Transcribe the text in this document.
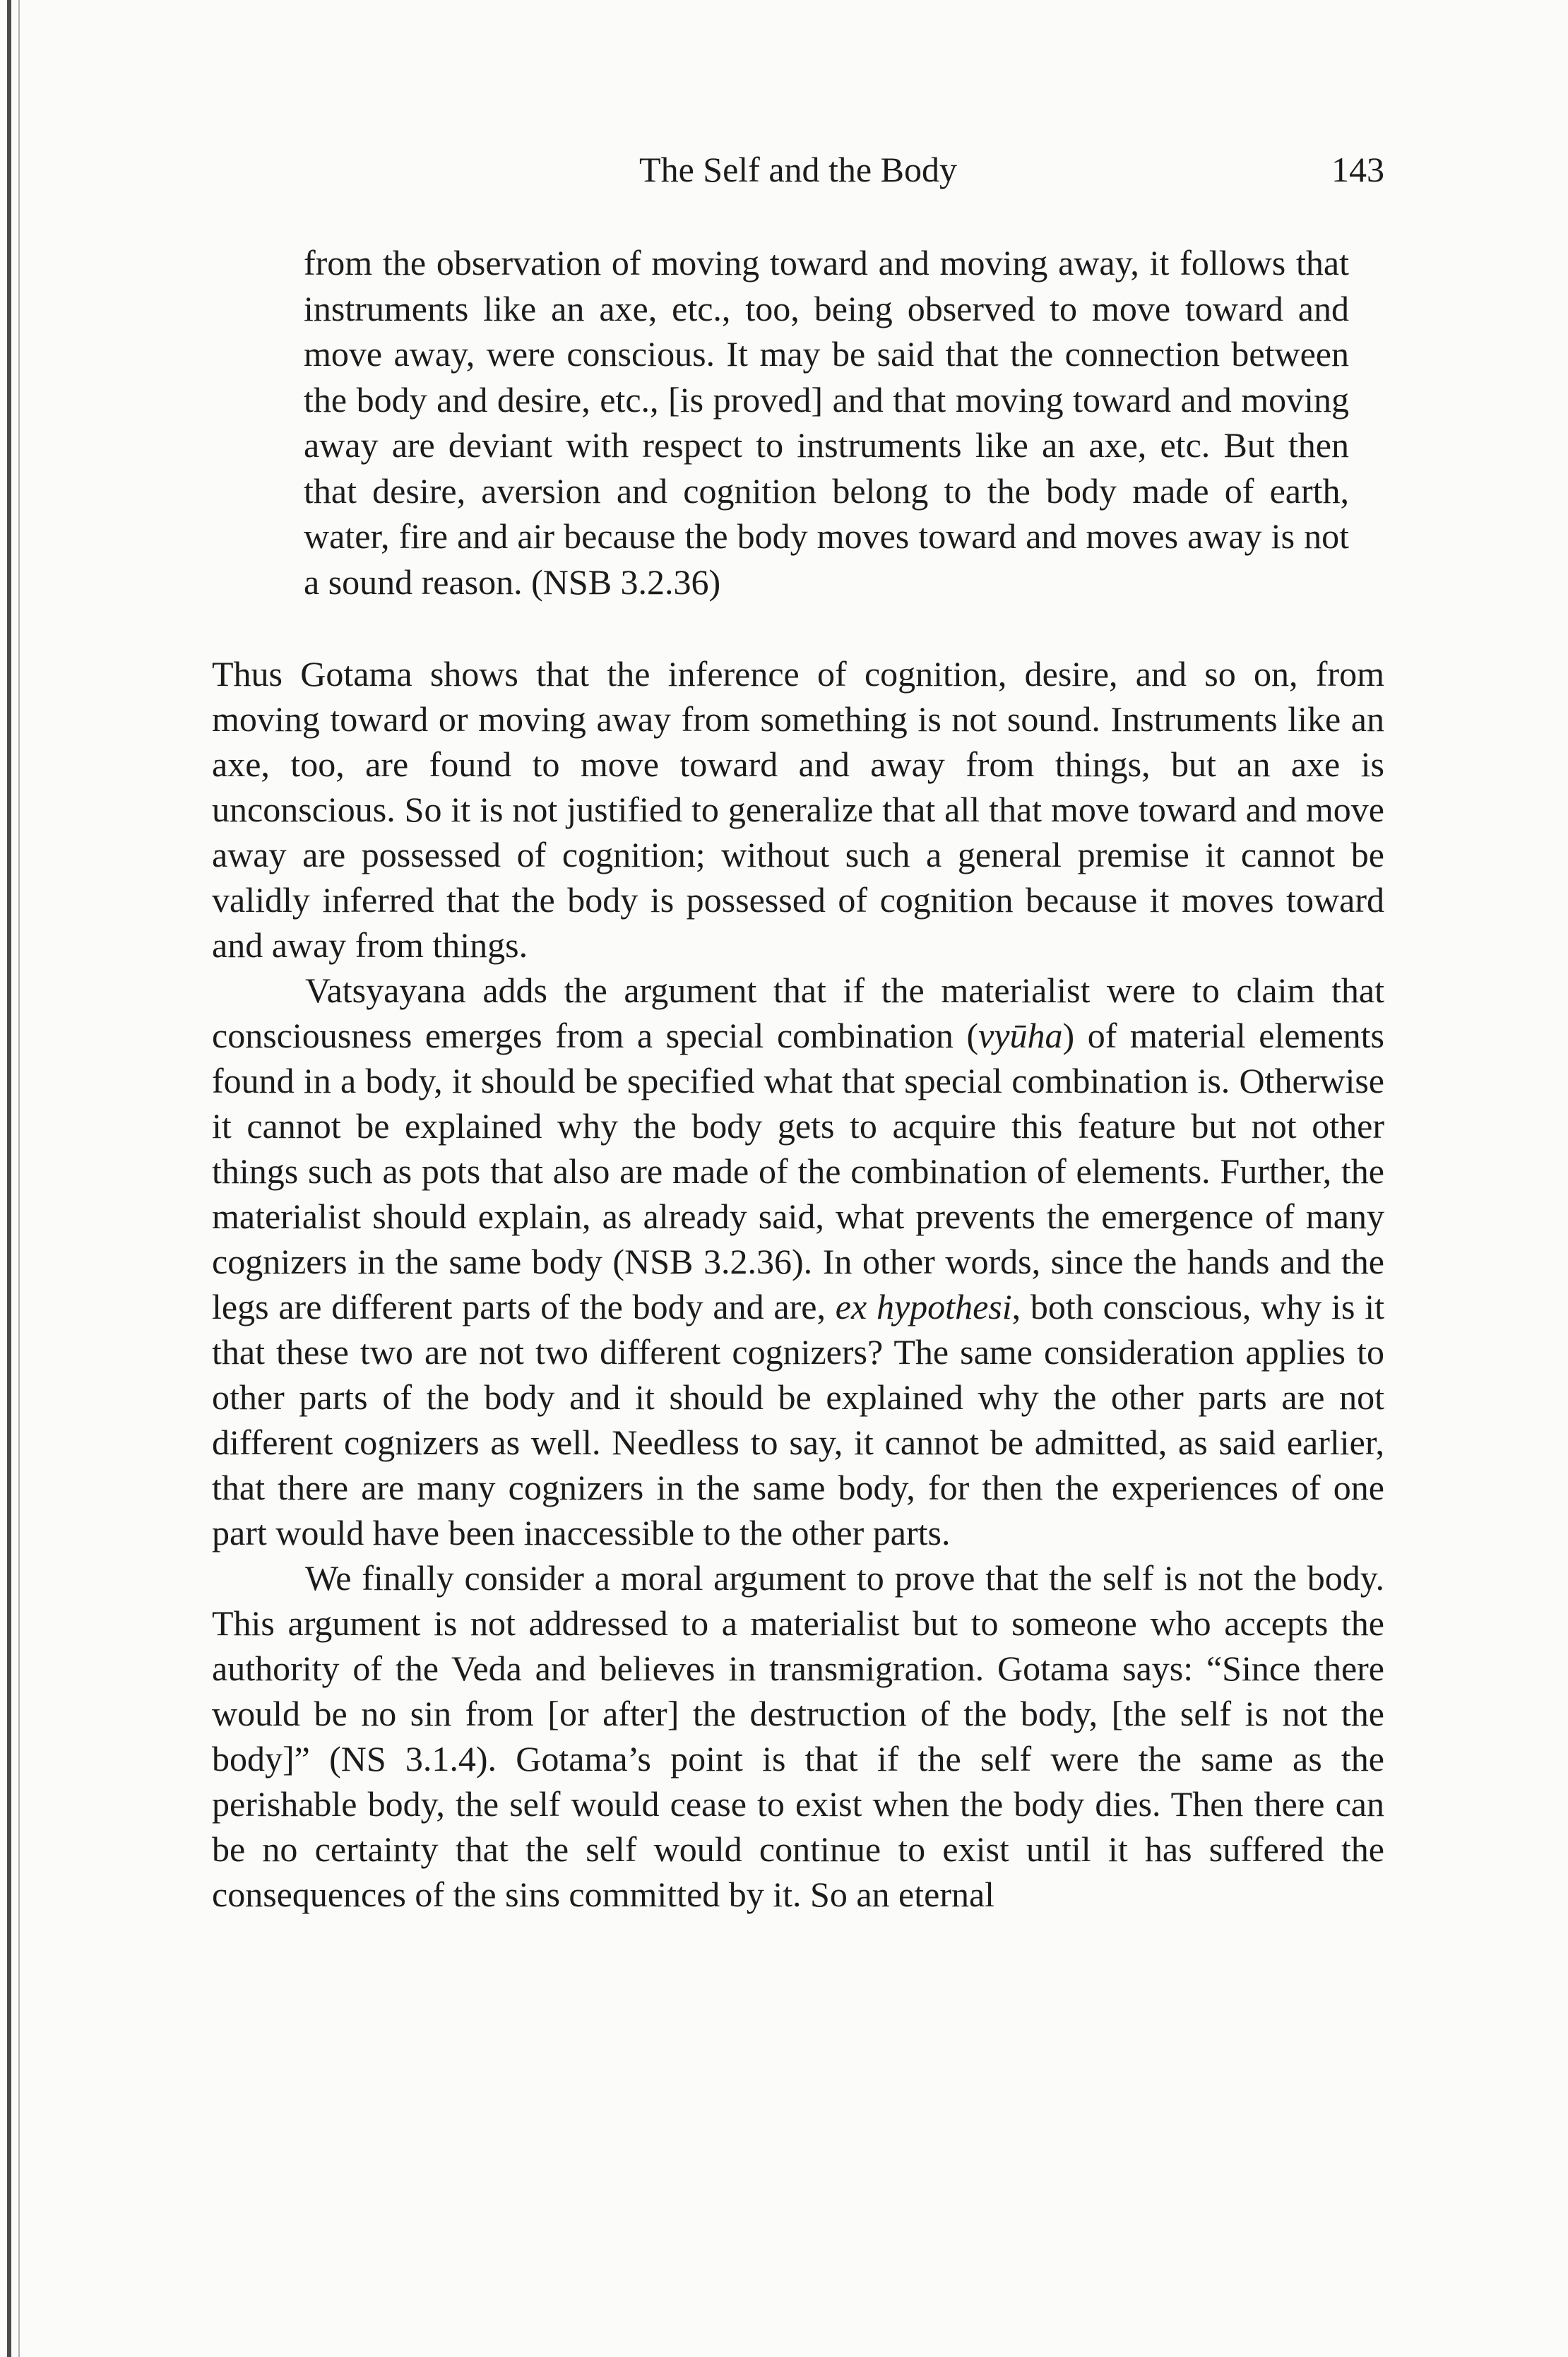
The Self and the Body	143
from the observation of moving toward and moving away, it follows that instruments like an axe, etc., too, being observed to move toward and move away, were conscious. It may be said that the connection between the body and desire, etc., [is proved] and that moving toward and moving away are deviant with respect to instruments like an axe, etc. But then that desire, aversion and cognition belong to the body made of earth, water, fire and air because the body moves toward and moves away is not a sound reason. (NSB 3.2.36)

Thus Gotama shows that the inference of cognition, desire, and so on, from moving toward or moving away from something is not sound. Instruments like an axe, too, are found to move toward and away from things, but an axe is unconscious. So it is not justified to generalize that all that move toward and move away are possessed of cognition; without such a general premise it cannot be validly inferred that the body is possessed of cognition because it moves toward and away from things.

Vatsyayana adds the argument that if the materialist were to claim that consciousness emerges from a special combination (vyūha) of material elements found in a body, it should be specified what that special combination is. Otherwise it cannot be explained why the body gets to acquire this feature but not other things such as pots that also are made of the combination of elements. Further, the materialist should explain, as already said, what prevents the emergence of many cognizers in the same body (NSB 3.2.36). In other words, since the hands and the legs are different parts of the body and are, ex hypothesi, both conscious, why is it that these two are not two different cognizers? The same consideration applies to other parts of the body and it should be explained why the other parts are not different cognizers as well. Needless to say, it cannot be admitted, as said earlier, that there are many cognizers in the same body, for then the experiences of one part would have been inaccessible to the other parts.

We finally consider a moral argument to prove that the self is not the body. This argument is not addressed to a materialist but to someone who accepts the authority of the Veda and believes in transmigration. Gotama says: “Since there would be no sin from [or after] the destruction of the body, [the self is not the body]” (NS 3.1.4). Gotama’s point is that if the self were the same as the perishable body, the self would cease to exist when the body dies. Then there can be no certainty that the self would continue to exist until it has suffered the consequences of the sins committed by it. So an eternal
